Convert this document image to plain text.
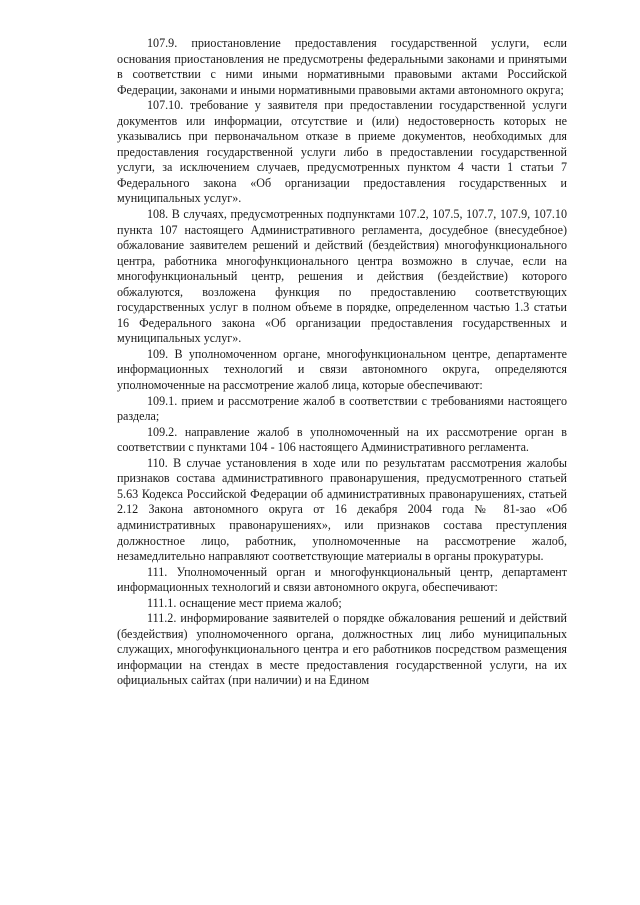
107.9. приостановление предоставления государственной услуги, если основания приостановления не предусмотрены федеральными законами и принятыми в соответствии с ними иными нормативными правовыми актами Российской Федерации, законами и иными нормативными правовыми актами автономного округа;

107.10. требование у заявителя при предоставлении государственной услуги документов или информации, отсутствие и (или) недостоверность которых не указывались при первоначальном отказе в приеме документов, необходимых для предоставления государственной услуги либо в предоставлении государственной услуги, за исключением случаев, предусмотренных пунктом 4 части 1 статьи 7 Федерального закона «Об организации предоставления государственных и муниципальных услуг».

108. В случаях, предусмотренных подпунктами 107.2, 107.5, 107.7, 107.9, 107.10 пункта 107 настоящего Административного регламента, досудебное (внесудебное) обжалование заявителем решений и действий (бездействия) многофункционального центра, работника многофункционального центра возможно в случае, если на многофункциональный центр, решения и действия (бездействие) которого обжалуются, возложена функция по предоставлению соответствующих государственных услуг в полном объеме в порядке, определенном частью 1.3 статьи 16 Федерального закона «Об организации предоставления государственных и муниципальных услуг».

109. В уполномоченном органе, многофункциональном центре, департаменте информационных технологий и связи автономного округа, определяются уполномоченные на рассмотрение жалоб лица, которые обеспечивают:

109.1. прием и рассмотрение жалоб в соответствии с требованиями настоящего раздела;

109.2. направление жалоб в уполномоченный на их рассмотрение орган в соответствии с пунктами 104 - 106 настоящего Административного регламента.

110. В случае установления в ходе или по результатам рассмотрения жалобы признаков состава административного правонарушения, предусмотренного статьей 5.63 Кодекса Российской Федерации об административных правонарушениях, статьей 2.12 Закона автономного округа от 16 декабря 2004 года № 81-зао «Об административных правонарушениях», или признаков состава преступления должностное лицо, работник, уполномоченные на рассмотрение жалоб, незамедлительно направляют соответствующие материалы в органы прокуратуры.

111. Уполномоченный орган и многофункциональный центр, департамент информационных технологий и связи автономного округа, обеспечивают:

111.1. оснащение мест приема жалоб;

111.2. информирование заявителей о порядке обжалования решений и действий (бездействия) уполномоченного органа, должностных лиц либо муниципальных служащих, многофункционального центра и его работников посредством размещения информации на стендах в месте предоставления государственной услуги, на их официальных сайтах (при наличии) и на Едином
